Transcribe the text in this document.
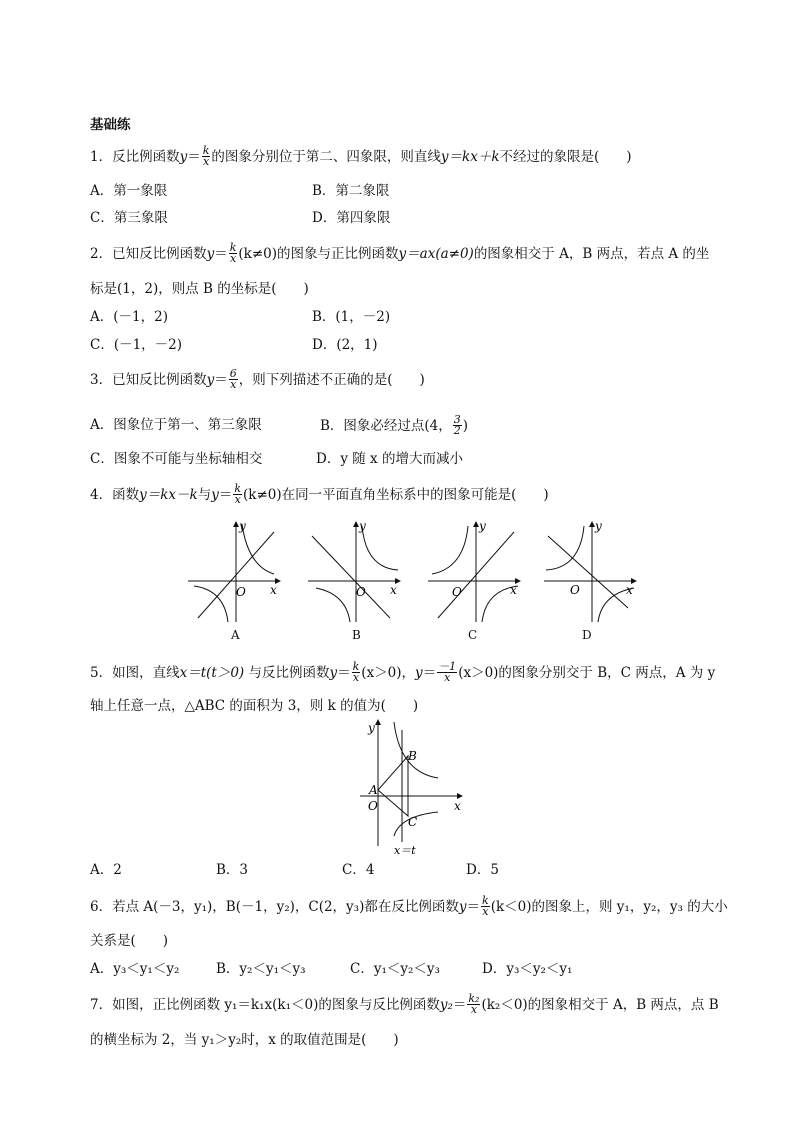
基础练
1．反比例函数$y= \frac{k}{x}$ 的图象分别位于第二、四象限，则直线y＝kx＋k不经过的象限是(　　)
A．第一象限	B．第二象限
C．第三象限	D．第四象限
2．已知反比例函数$y= \frac{k}{x} (k\ne 0)$的图象与正比例函数y＝ax(a≠0)的图象相交于 A，B 两点，若点 A 的坐
标是(1，2)，则点 B 的坐标是(　　)
A．(－1，2)	B．(1，－2)
C．(－1，－2)	D．(2，1)
3．已知反比例函数$y= \frac{6}{x}$ ，则下列描述不正确的是(　　)
A．图象位于第一、第三象限	B．图象必经过点(4， $\frac{3}{2}$ )
C．图象不可能与坐标轴相交	D．y 随 x 的增大而减小
4．函数y＝kx－k与$y= \frac{k}{x} (k\ne 0)$在同一平面直角坐标系中的图象可能是(　　)
y
x
O
y
x
O
y
x
O
y
x
O
A	B	C	D
5．如图，直线x＝t(t＞0) 与反比例函数$y= \frac{k}{x} (x>0)$，$y= \frac{-1}{x} (x>0)$的图象分别交于 B，C 两点，A 为 y
轴上任意一点，△ABC 的面积为 3，则 k 的值为(　　)
y
x
A
O
B
C
x＝t
A．2	B．3	C．4	D．5
6．若点 A(－3，y₁)，B(－1，y₂)，C(2，y₃)都在反比例函数$y= \frac{k}{x} (k<0)$的图象上，则 y₁，y₂，y₃ 的大小
关系是(　　)
A．y₃＜y₁＜y₂	B．y₂＜y₁＜y₃	C．y₁＜y₂＜y₃	D．y₃＜y₂＜y₁
7．如图，正比例函数 y₁＝k₁x(k₁＜0)的图象与反比例函数$y_2= \frac{\text{k₂}}{x} (k_2<0)$的图象相交于 A，B 两点，点 B
的横坐标为 2，当 y₁＞y₂时，x 的取值范围是(　　)
